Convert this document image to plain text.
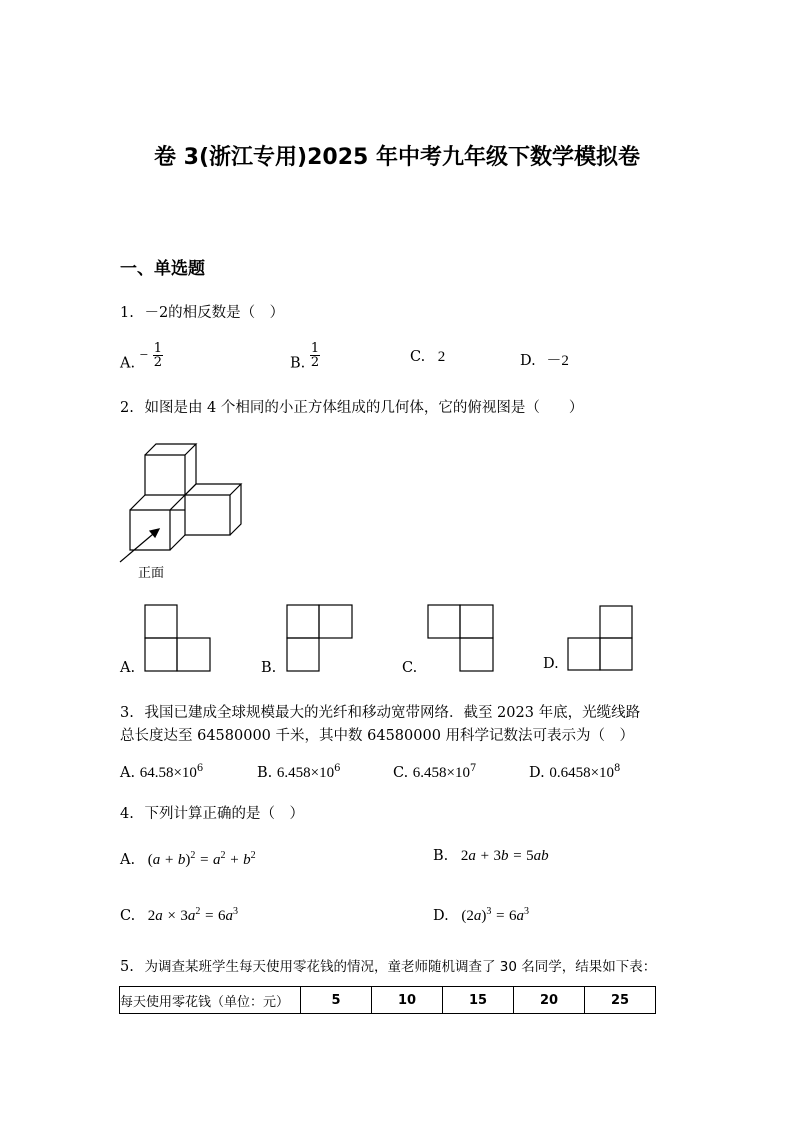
卷 3(浙江专用)2025 年中考九年级下数学模拟卷
一、单选题
1. －2的相反数是（　）
A. − $\frac{1}{2}$	B. $\frac{1}{2}$	C. 2	D. －2
2. 如图是由 4 个相同的小正方体组成的几何体，它的俯视图是（　　）
正面
A.	B.	C.	D.
3. 我国已建成全球规模最大的光纤和移动宽带网络．截至 2023 年底，光缆线路
总长度达至 64580000 千米，其中数 64580000 用科学记数法可表示为（　）
A. $64.58\times 10^6$	B. $6.458\times 10^6$	C. $6.458\times 10^7$	D. $0.6458\times 10^8$
4. 下列计算正确的是（　）
A. $(a + b)^2 = a^2 + b^2$	B. 2a + 3b = 5ab
C. $2a \times 3a^2 = 6a^3$	D. $(2a)^3 = 6a^3$
5. 为调查某班学生每天使用零花钱的情况，童老师随机调查了 30 名同学，结果如下表：
每天使用零花钱（单位：元）	5	10	15	20	25
